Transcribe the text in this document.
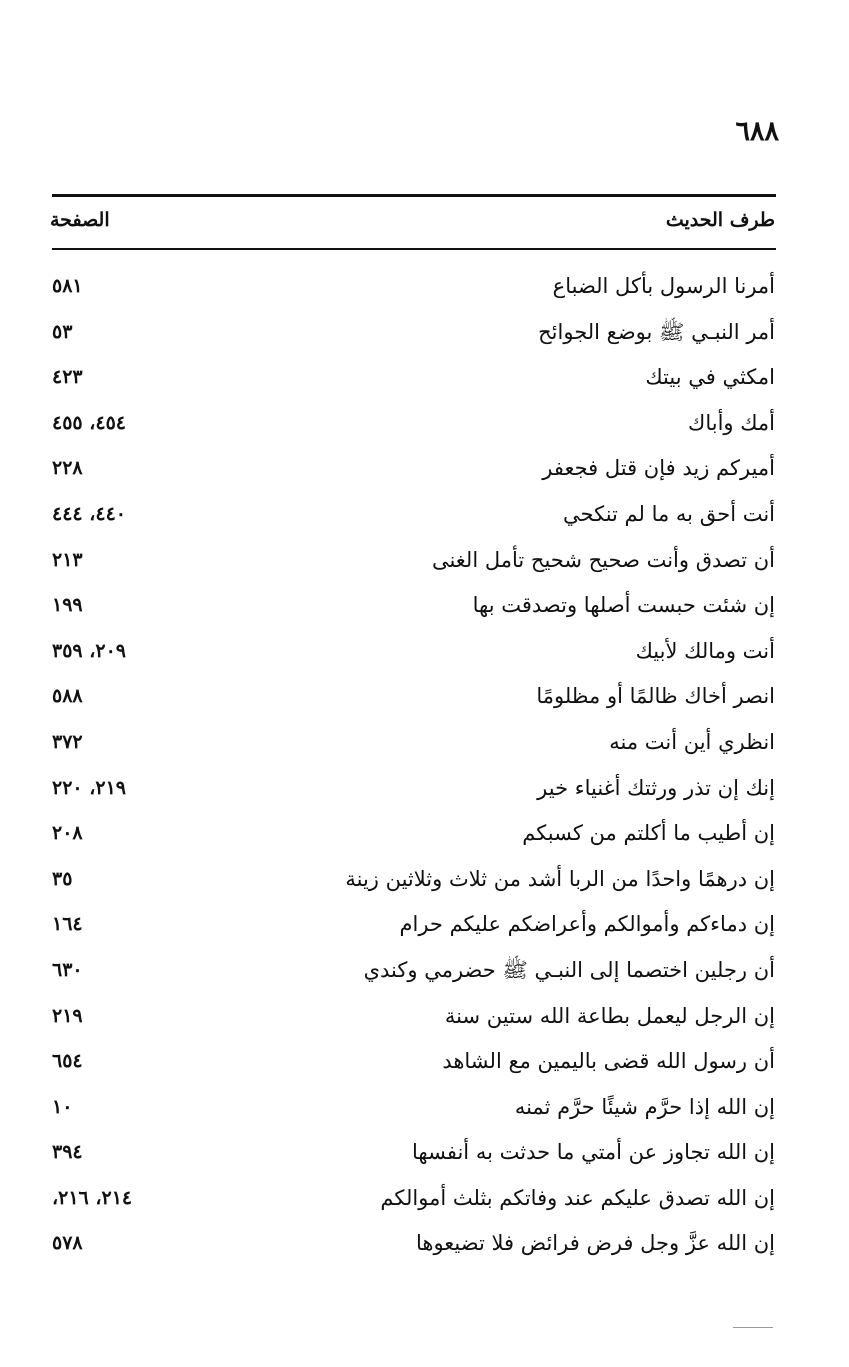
٦٨٨
طرف الحديث
الصفحة
أمرنا الرسول بأكل الضباع
٥٨١
أمر النبـي ﷺ بوضع الجوائح
٥٣
امكثي في بيتك
٤٢٣
أمك وأباك
٤٥٤، ٤٥٥
أميركم زيد فإن قتل فجعفر
٢٢٨
أنت أحق به ما لم تنكحي
٤٤٠، ٤٤٤
أن تصدق وأنت صحيح شحيح تأمل الغنى
٢١٣
إن شئت حبست أصلها وتصدقت بها
١٩٩
أنت ومالك لأبيك
٢٠٩، ٣٥٩
انصر أخاك ظالمًا أو مظلومًا
٥٨٨
انظري أين أنت منه
٣٧٢
إنك إن تذر ورثتك أغنياء خير
٢١٩، ٢٢٠
إن أطيب ما أكلتم من كسبكم
٢٠٨
إن درهمًا واحدًا من الربا أشد من ثلاث وثلاثين زينة
٣٥
إن دماءكم وأموالكم وأعراضكم عليكم حرام
١٦٤
أن رجلين اختصما إلى النبـي ﷺ حضرمي وكندي
٦٣٠
إن الرجل ليعمل بطاعة الله ستين سنة
٢١٩
أن رسول الله قضى باليمين مع الشاهد
٦٥٤
إن الله إذا حرَّم شيئًا حرَّم ثمنه
١٠
إن الله تجاوز عن أمتي ما حدثت به أنفسها
٣٩٤
إن الله تصدق عليكم عند وفاتكم بثلث أموالكم
٢١٤، ٢١٦،
إن الله عزَّ وجل فرض فرائض فلا تضيعوها
٥٧٨
